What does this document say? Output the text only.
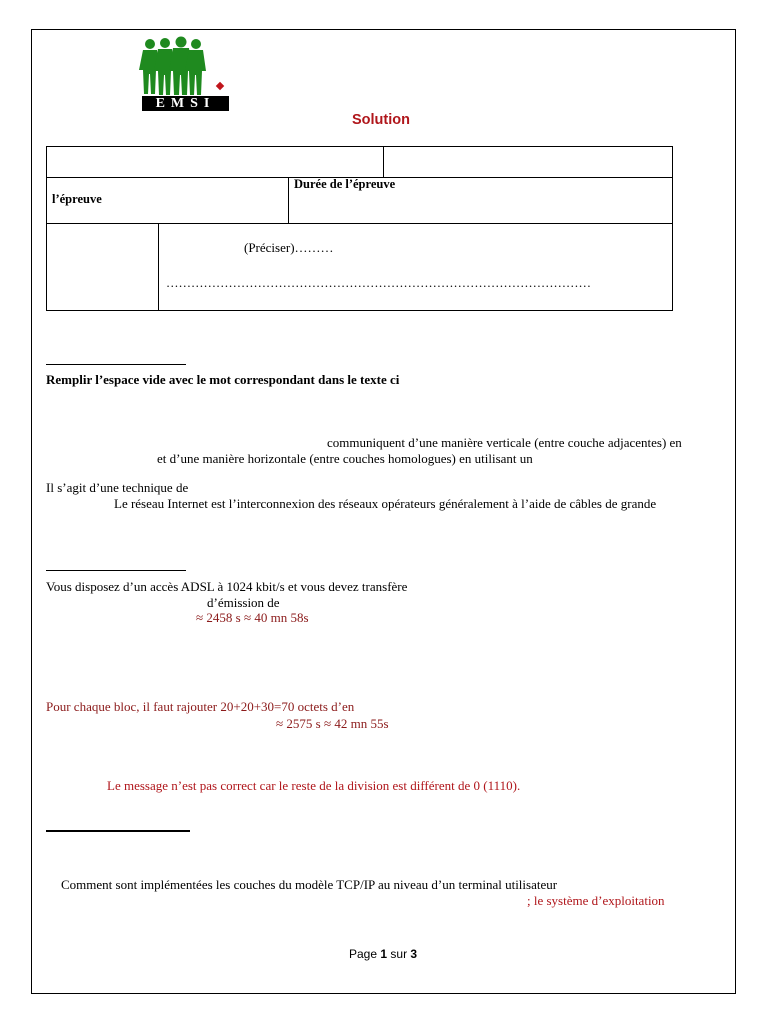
EMSI
Solution
l’épreuve
Durée de l’épreuve
(Préciser)………
…………………………………………………………………………………………
Remplir l’espace vide avec le mot correspondant dans le texte ci
communiquent d’une manière verticale (entre couche adjacentes) en
et d’une manière horizontale (entre couches homologues) en utilisant un
Il s’agit d’une technique de
Le réseau Internet est l’interconnexion des réseaux opérateurs généralement à l’aide de câbles de grande
Vous disposez d’un accès ADSL à 1024 kbit/s et vous devez transfère
d’émission de
≈ 2458 s ≈ 40 mn 58s
Pour chaque bloc, il faut rajouter 20+20+30=70 octets d’en
≈ 2575 s ≈ 42 mn 55s
Le message n’est pas correct car le reste de la division est différent de 0 (1110).
Comment sont implémentées les couches du modèle TCP/IP au niveau d’un terminal utilisateur
; le système d’exploitation
Page 1 sur 3
